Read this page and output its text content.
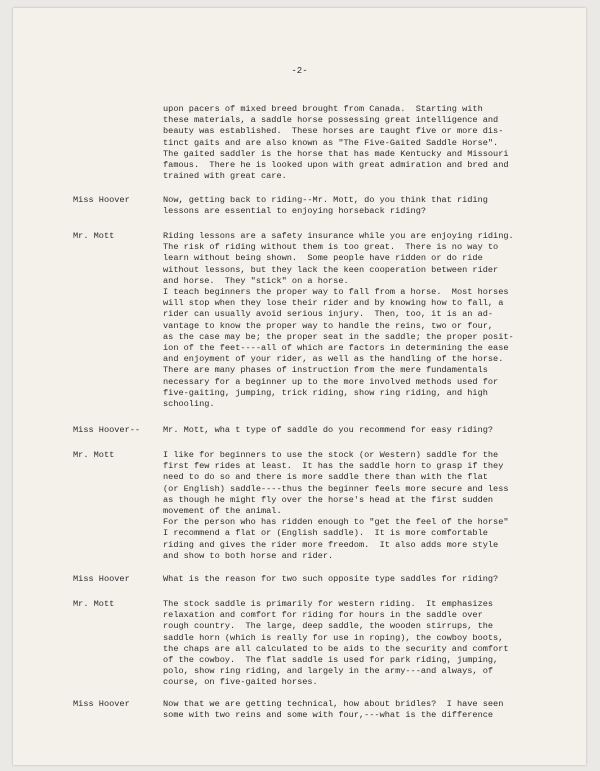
-2-
upon pacers of mixed breed brought from Canada.  Starting with
these materials, a saddle horse possessing great intelligence and
beauty was established.  These horses are taught five or more dis-
tinct gaits and are also known as "The Five-Gaited Saddle Horse".
The gaited saddler is the horse that has made Kentucky and Missouri
famous.  There he is looked upon with great admiration and bred and
trained with great care.
Miss Hoover	Now, getting back to riding--Mr. Mott, do you think that riding
lessons are essential to enjoying horseback riding?
Mr. Mott	Riding lessons are a safety insurance while you are enjoying riding.
The risk of riding without them is too great.  There is no way to
learn without being shown.  Some people have ridden or do ride
without lessons, but they lack the keen cooperation between rider
and horse.  They "stick" on a horse.
I teach beginners the proper way to fall from a horse.  Most horses
will stop when they lose their rider and by knowing how to fall, a
rider can usually avoid serious injury.  Then, too, it is an ad-
vantage to know the proper way to handle the reins, two or four,
as the case may be; the proper seat in the saddle; the proper posit-
ion of the feet----all of which are factors in determining the ease
and enjoyment of your rider, as well as the handling of the horse.
There are many phases of instruction from the mere fundamentals
necessary for a beginner up to the more involved methods used for
five-gaiting, jumping, trick riding, show ring riding, and high
schooling.
Miss Hoover--	Mr. Mott, wha t type of saddle do you recommend for easy riding?
Mr. Mott	I like for beginners to use the stock (or Western) saddle for the
first few rides at least.  It has the saddle horn to grasp if they
need to do so and there is more saddle there than with the flat
(or English) saddle----thus the beginner feels more secure and less
as though he might fly over the horse's head at the first sudden
movement of the animal.
For the person who has ridden enough to "get the feel of the horse"
I recommend a flat or (English saddle).  It is more comfortable
riding and gives the rider more freedom.  It also adds more style
and show to both horse and rider.
Miss Hoover	What is the reason for two such opposite type saddles for riding?
Mr. Mott	The stock saddle is primarily for western riding.  It emphasizes
relaxation and comfort for riding for hours in the saddle over
rough country.  The large, deep saddle, the wooden stirrups, the
saddle horn (which is really for use in roping), the cowboy boots,
the chaps are all calculated to be aids to the security and comfort
of the cowboy.  The flat saddle is used for park riding, jumping,
polo, show ring riding, and largely in the army---and always, of
course, on five-gaited horses.
Miss Hoover	Now that we are getting technical, how about bridles?  I have seen
some with two reins and some with four,---what is the difference
